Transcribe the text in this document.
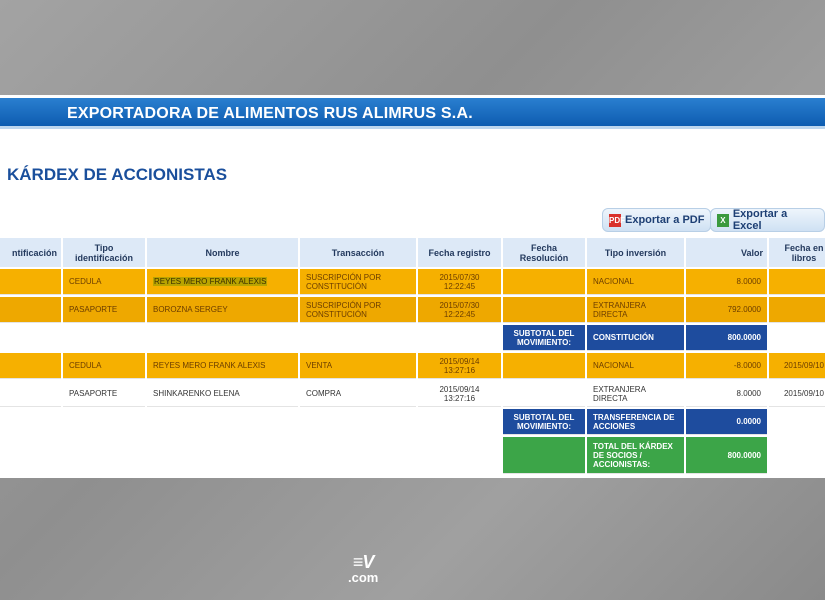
EXPORTADORA DE ALIMENTOS RUS ALIMRUS S.A.
KÁRDEX DE ACCIONISTAS
PDF Exportar a PDF	X Exportar a Excel
ntificación	Tipo identificación	Nombre	Transacción	Fecha registro	Fecha Resolución	Tipo inversión	Valor	Fecha en libros
	CEDULA	REYES MERO FRANK ALEXIS	SUSCRIPCIÓN POR CONSTITUCIÓN	2015/07/30 12:22:45		NACIONAL	8.0000	
	PASAPORTE	BOROZNA SERGEY	SUSCRIPCIÓN POR CONSTITUCIÓN	2015/07/30 12:22:45		EXTRANJERA DIRECTA	792.0000	
					SUBTOTAL DEL MOVIMIENTO:	CONSTITUCIÓN	800.0000	
	CEDULA	REYES MERO FRANK ALEXIS	VENTA	2015/09/14 13:27:16		NACIONAL	-8.0000	2015/09/10
	PASAPORTE	SHINKARENKO ELENA	COMPRA	2015/09/14 13:27:16		EXTRANJERA DIRECTA	8.0000	2015/09/10
					SUBTOTAL DEL MOVIMIENTO:	TRANSFERENCIA DE ACCIONES	0.0000	
						TOTAL DEL KÁRDEX DE SOCIOS / ACCIONISTAS:	800.0000	
≡V
.com
